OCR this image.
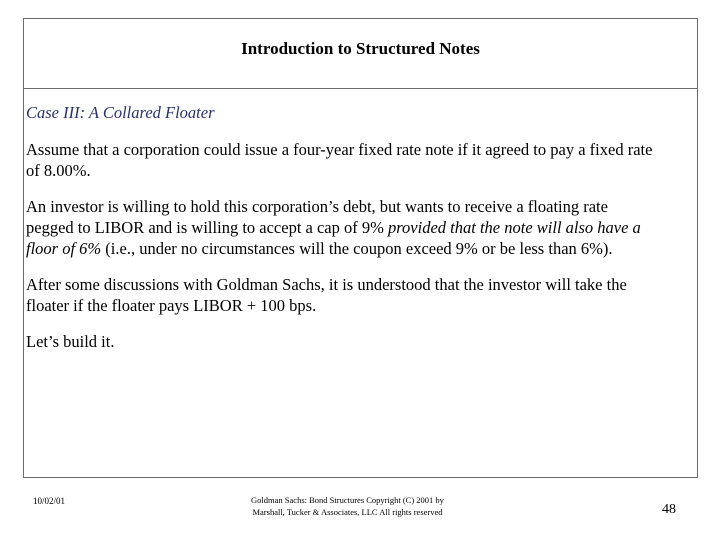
Introduction to Structured Notes

Case III: A Collared Floater

Assume that a corporation could issue a four-year fixed rate note if it agreed to pay a fixed rate of 8.00%.

An investor is willing to hold this corporation’s debt, but wants to receive a floating rate pegged to LIBOR and is willing to accept a cap of 9% provided that the note will also have a floor of 6% (i.e., under no circumstances will the coupon exceed 9% or be less than 6%).

After some discussions with Goldman Sachs, it is understood that the investor will take the floater if the floater pays LIBOR + 100 bps.

Let’s build it.

10/02/01	Goldman Sachs: Bond Structures Copyright (C) 2001 by Marshall, Tucker & Associates, LLC All rights reserved	48
